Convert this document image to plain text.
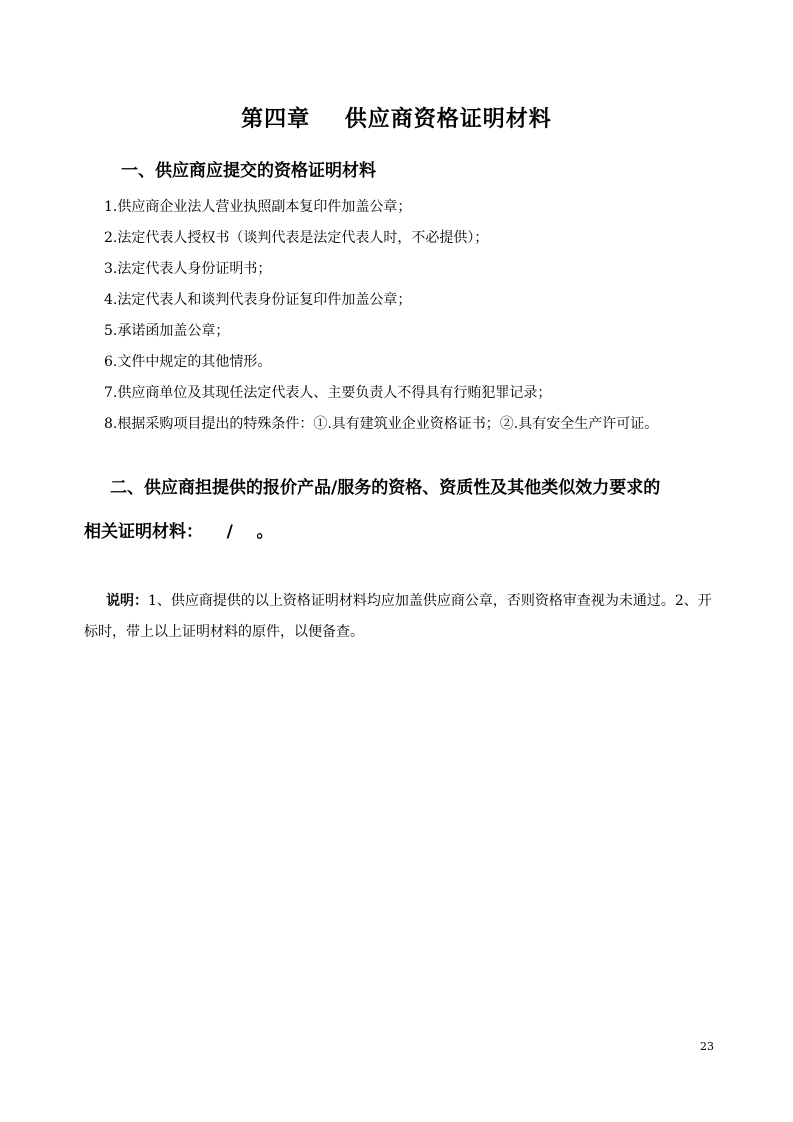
第四章    供应商资格证明材料
一、供应商应提交的资格证明材料
1.供应商企业法人营业执照副本复印件加盖公章；
2.法定代表人授权书（谈判代表是法定代表人时，不必提供）；
3.法定代表人身份证明书；
4.法定代表人和谈判代表身份证复印件加盖公章；
5.承诺函加盖公章；
6.文件中规定的其他情形。
7.供应商单位及其现任法定代表人、主要负责人不得具有行贿犯罪记录；
8.根据采购项目提出的特殊条件：①.具有建筑业企业资格证书；②.具有安全生产许可证。
二、供应商担提供的报价产品/服务的资格、资质性及其他类似效力要求的
相关证明材料：    /    。
说明：1、供应商提供的以上资格证明材料均应加盖供应商公章，否则资格审查视为未通过。2、开标时，带上以上证明材料的原件，以便备查。
23
